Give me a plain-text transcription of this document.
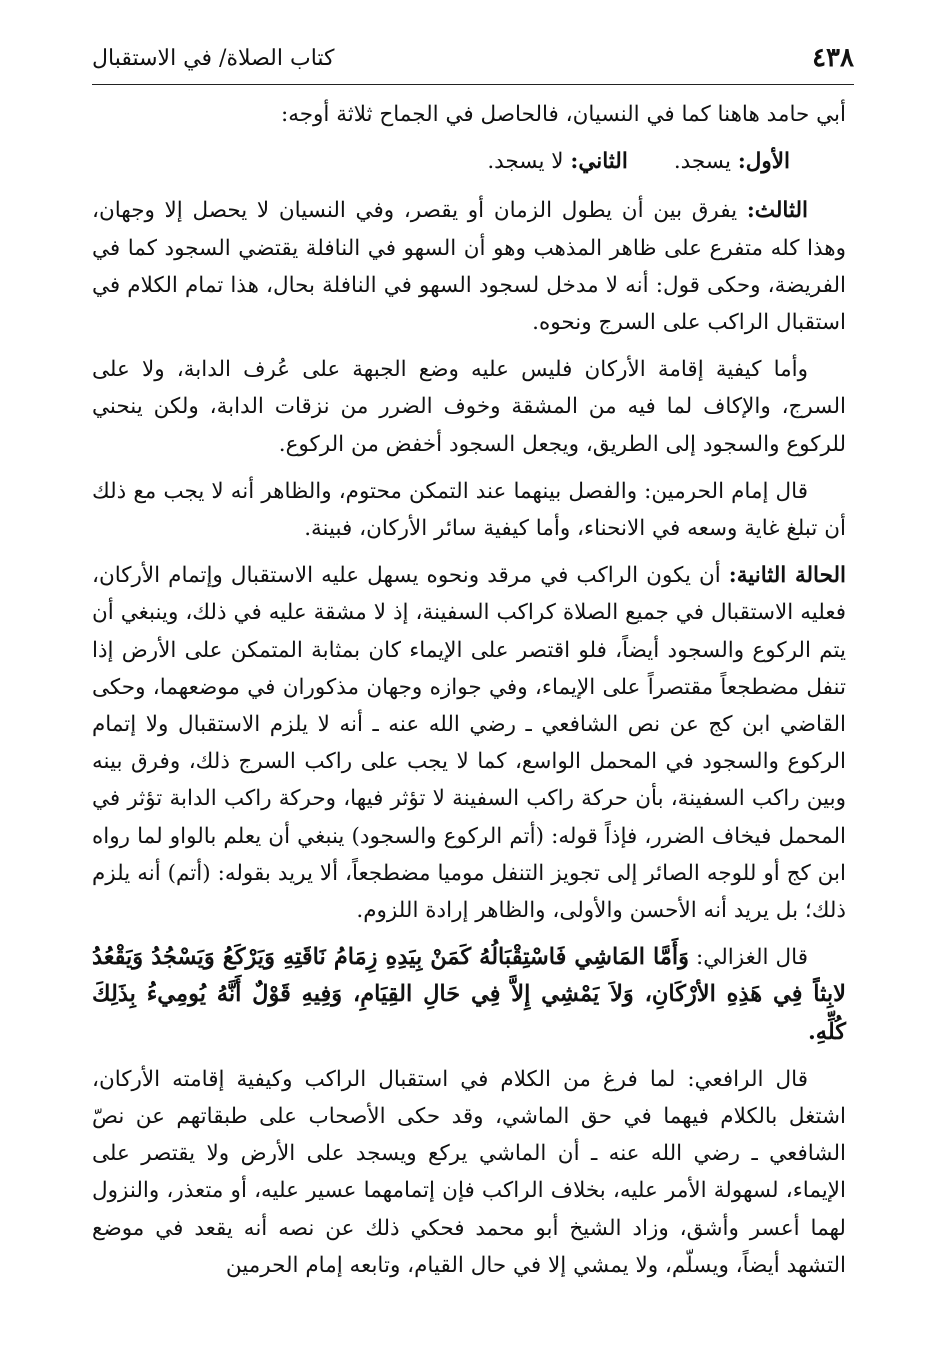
٤٣٨
كتاب الصلاة/ في الاستقبال

أبي حامد هاهنا كما في النسيان، فالحاصل في الجماح ثلاثة أوجه:

الأول: يسجد.الثاني: لا يسجد.

الثالث: يفرق بين أن يطول الزمان أو يقصر، وفي النسيان لا يحصل إلا وجهان، وهذا كله متفرع على ظاهر المذهب وهو أن السهو في النافلة يقتضي السجود كما في الفريضة، وحكى قول: أنه لا مدخل لسجود السهو في النافلة بحال، هذا تمام الكلام في استقبال الراكب على السرج ونحوه.

وأما كيفية إقامة الأركان فليس عليه وضع الجبهة على عُرف الدابة، ولا على السرج، والإكاف لما فيه من المشقة وخوف الضرر من نزقات الدابة، ولكن ينحني للركوع والسجود إلى الطريق، ويجعل السجود أخفض من الركوع.

قال إمام الحرمين: والفصل بينهما عند التمكن محتوم، والظاهر أنه لا يجب مع ذلك أن تبلغ غاية وسعه في الانحناء، وأما كيفية سائر الأركان، فبينة.

الحالة الثانية: أن يكون الراكب في مرقد ونحوه يسهل عليه الاستقبال وإتمام الأركان، فعليه الاستقبال في جميع الصلاة كراكب السفينة، إذ لا مشقة عليه في ذلك، وينبغي أن يتم الركوع والسجود أيضاً، فلو اقتصر على الإيماء كان بمثابة المتمكن على الأرض إذا تنفل مضطجعاً مقتصراً على الإيماء، وفي جوازه وجهان مذكوران في موضعهما، وحكى القاضي ابن كج عن نص الشافعي ـ رضي الله عنه ـ أنه لا يلزم الاستقبال ولا إتمام الركوع والسجود في المحمل الواسع، كما لا يجب على راكب السرج ذلك، وفرق بينه وبين راكب السفينة، بأن حركة راكب السفينة لا تؤثر فيها، وحركة راكب الدابة تؤثر في المحمل فيخاف الضرر، فإذاً قوله: (أتم الركوع والسجود) ينبغي أن يعلم بالواو لما رواه ابن كج أو للوجه الصائر إلى تجويز التنفل موميا مضطجعاً، ألا يريد بقوله: (أتم) أنه يلزم ذلك؛ بل يريد أنه الأحسن والأولى، والظاهر إرادة اللزوم.

قال الغزالي: وَأَمَّا المَاشِي فَاسْتِقْبَالُهُ كَمَنْ بِيَدِهِ زِمَامُ نَاقَتِهِ وَيَرْكَعُ وَيَسْجُدُ وَيَقْعُدُ لابِثاً فِي هَذِهِ الأرْكَانِ، وَلاَ يَمْشِي إِلاَّ فِي حَالِ القِيَامِ، وَفِيهِ قَوْلٌ أَنَّهُ يُومِيءُ بِذَلِكَ كُلِّهِ.

قال الرافعي: لما فرغ من الكلام في استقبال الراكب وكيفية إقامته الأركان، اشتغل بالكلام فيهما في حق الماشي، وقد حكى الأصحاب على طبقاتهم عن نصّ الشافعي ـ رضي الله عنه ـ أن الماشي يركع ويسجد على الأرض ولا يقتصر على الإيماء، لسهولة الأمر عليه، بخلاف الراكب فإن إتمامهما عسير عليه، أو متعذر، والنزول لهما أعسر وأشق، وزاد الشيخ أبو محمد فحكي ذلك عن نصه أنه يقعد في موضع التشهد أيضاً، ويسلّم، ولا يمشي إلا في حال القيام، وتابعه إمام الحرمين
